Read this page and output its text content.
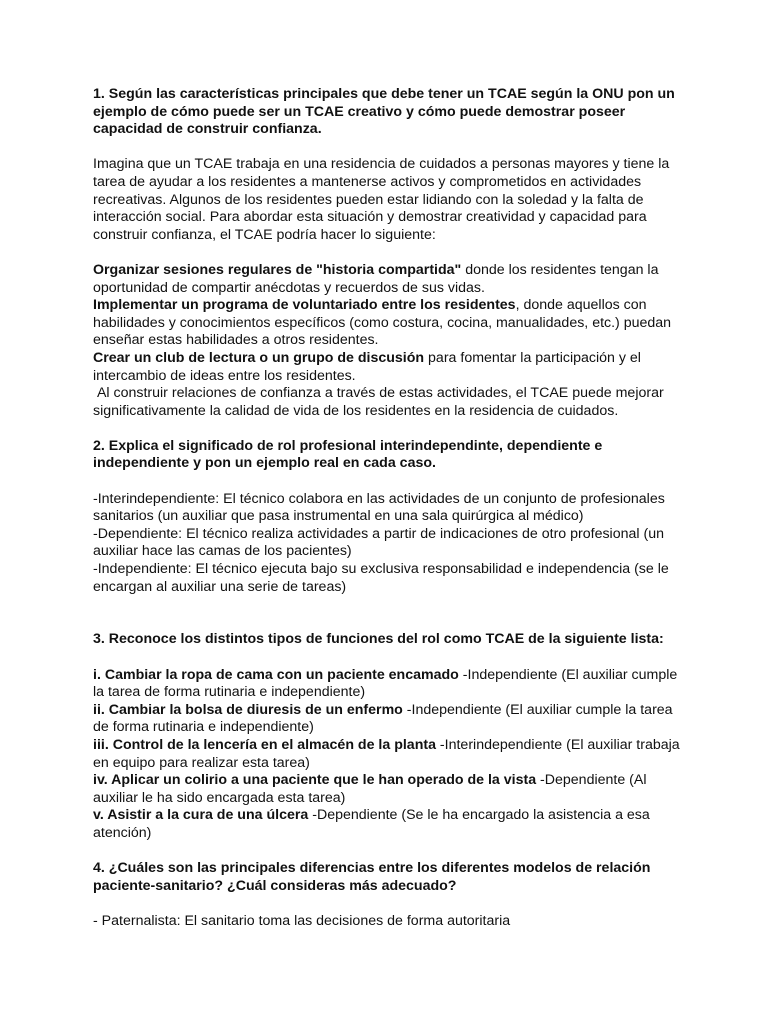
1. Según las características principales que debe tener un TCAE según la ONU pon un ejemplo de cómo puede ser un TCAE creativo y cómo puede demostrar poseer capacidad de construir confianza.

Imagina que un TCAE trabaja en una residencia de cuidados a personas mayores y tiene la tarea de ayudar a los residentes a mantenerse activos y comprometidos en actividades recreativas. Algunos de los residentes pueden estar lidiando con la soledad y la falta de interacción social. Para abordar esta situación y demostrar creatividad y capacidad para construir confianza, el TCAE podría hacer lo siguiente:

Organizar sesiones regulares de "historia compartida" donde los residentes tengan la oportunidad de compartir anécdotas y recuerdos de sus vidas.

Implementar un programa de voluntariado entre los residentes, donde aquellos con habilidades y conocimientos específicos (como costura, cocina, manualidades, etc.) puedan enseñar estas habilidades a otros residentes.

Crear un club de lectura o un grupo de discusión para fomentar la participación y el intercambio de ideas entre los residentes.

Al construir relaciones de confianza a través de estas actividades, el TCAE puede mejorar significativamente la calidad de vida de los residentes en la residencia de cuidados.

2. Explica el significado de rol profesional interindependinte, dependiente e independiente y pon un ejemplo real en cada caso.

-Interindependiente: El técnico colabora en las actividades de un conjunto de profesionales sanitarios (un auxiliar que pasa instrumental en una sala quirúrgica al médico)

-Dependiente: El técnico realiza actividades a partir de indicaciones de otro profesional (un auxiliar hace las camas de los pacientes)

-Independiente: El técnico ejecuta bajo su exclusiva responsabilidad e independencia (se le encargan al auxiliar una serie de tareas)

3. Reconoce los distintos tipos de funciones del rol como TCAE de la siguiente lista:

i. Cambiar la ropa de cama con un paciente encamado -Independiente (El auxiliar cumple la tarea de forma rutinaria e independiente)

ii. Cambiar la bolsa de diuresis de un enfermo -Independiente (El auxiliar cumple la tarea de forma rutinaria e independiente)

iii. Control de la lencería en el almacén de la planta -Interindependiente (El auxiliar trabaja en equipo para realizar esta tarea)

iv. Aplicar un colirio a una paciente que le han operado de la vista -Dependiente (Al auxiliar le ha sido encargada esta tarea)

v. Asistir a la cura de una úlcera -Dependiente (Se le ha encargado la asistencia a esa atención)

4. ¿Cuáles son las principales diferencias entre los diferentes modelos de relación paciente-sanitario? ¿Cuál consideras más adecuado?

- Paternalista: El sanitario toma las decisiones de forma autoritaria
